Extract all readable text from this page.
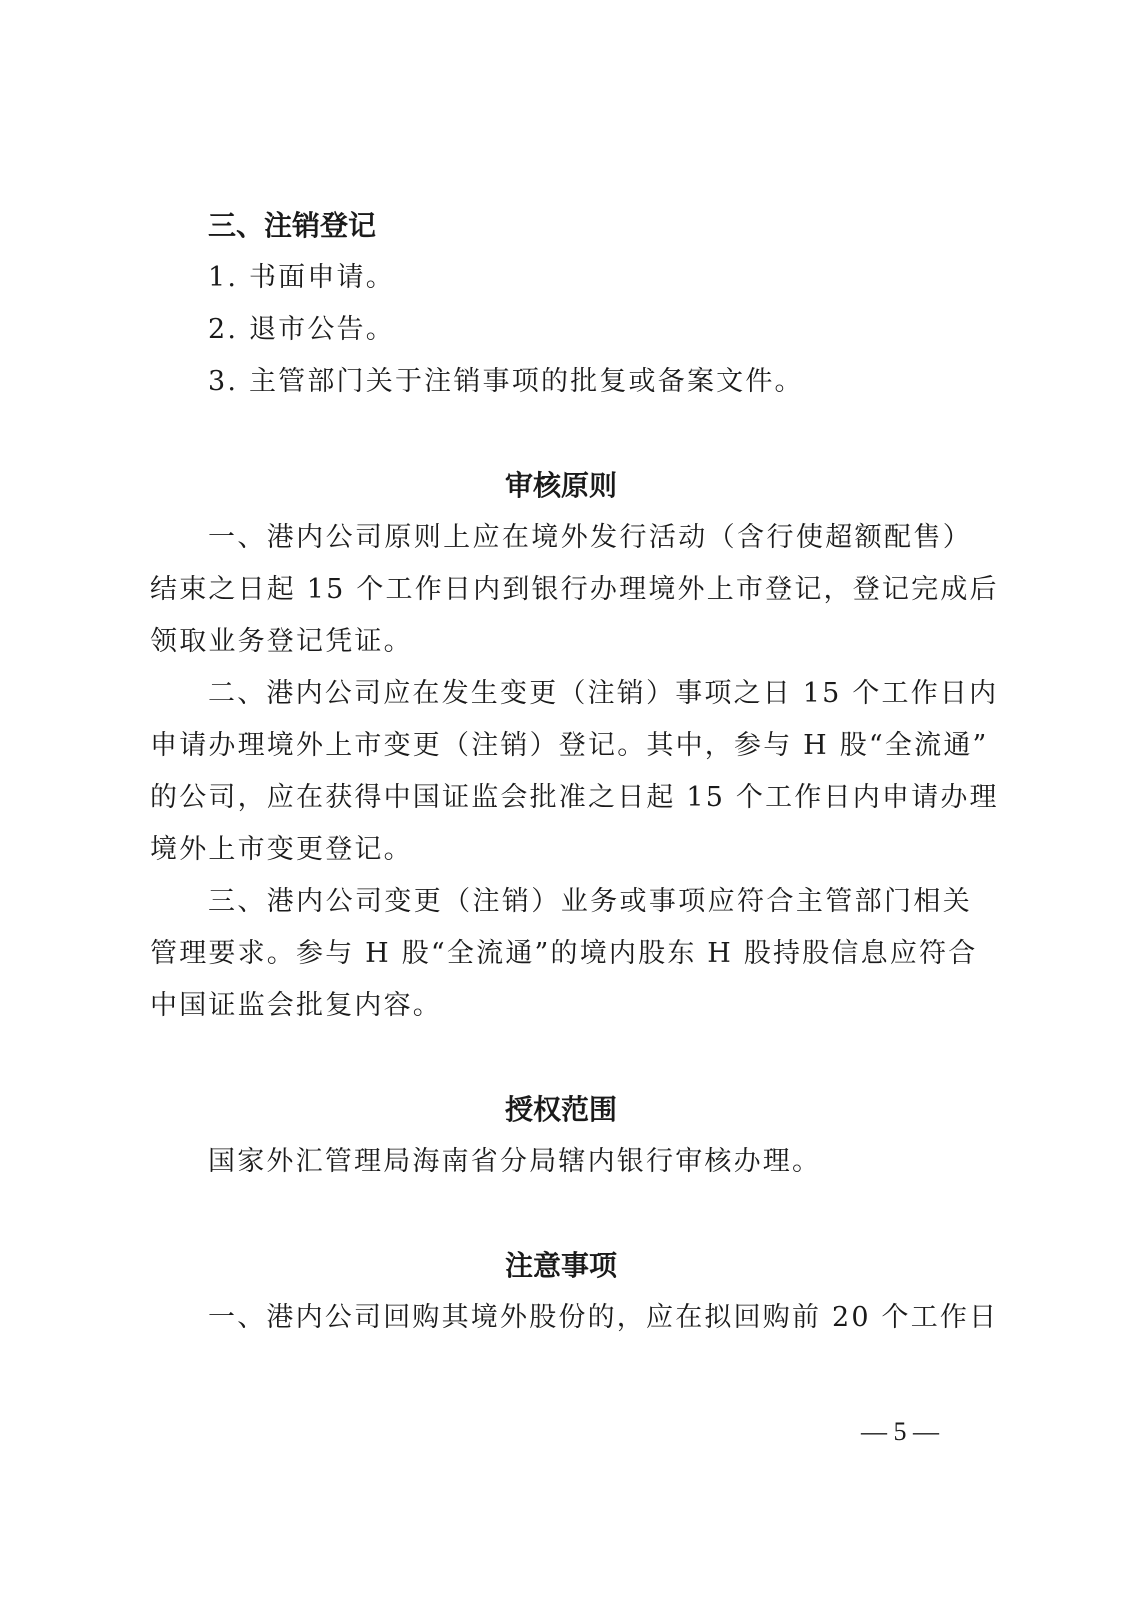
三、注销登记
1. 书面申请。
2. 退市公告。
3. 主管部门关于注销事项的批复或备案文件。
审核原则
一、港内公司原则上应在境外发行活动（含行使超额配售）
结束之日起 15 个工作日内到银行办理境外上市登记，登记完成后
领取业务登记凭证。
二、港内公司应在发生变更（注销）事项之日 15 个工作日内
申请办理境外上市变更（注销）登记。其中，参与 H 股“全流通”
的公司，应在获得中国证监会批准之日起 15 个工作日内申请办理
境外上市变更登记。
三、港内公司变更（注销）业务或事项应符合主管部门相关
管理要求。参与 H 股“全流通”的境内股东 H 股持股信息应符合
中国证监会批复内容。
授权范围
国家外汇管理局海南省分局辖内银行审核办理。
注意事项
一、港内公司回购其境外股份的，应在拟回购前 20 个工作日
— 5 —
